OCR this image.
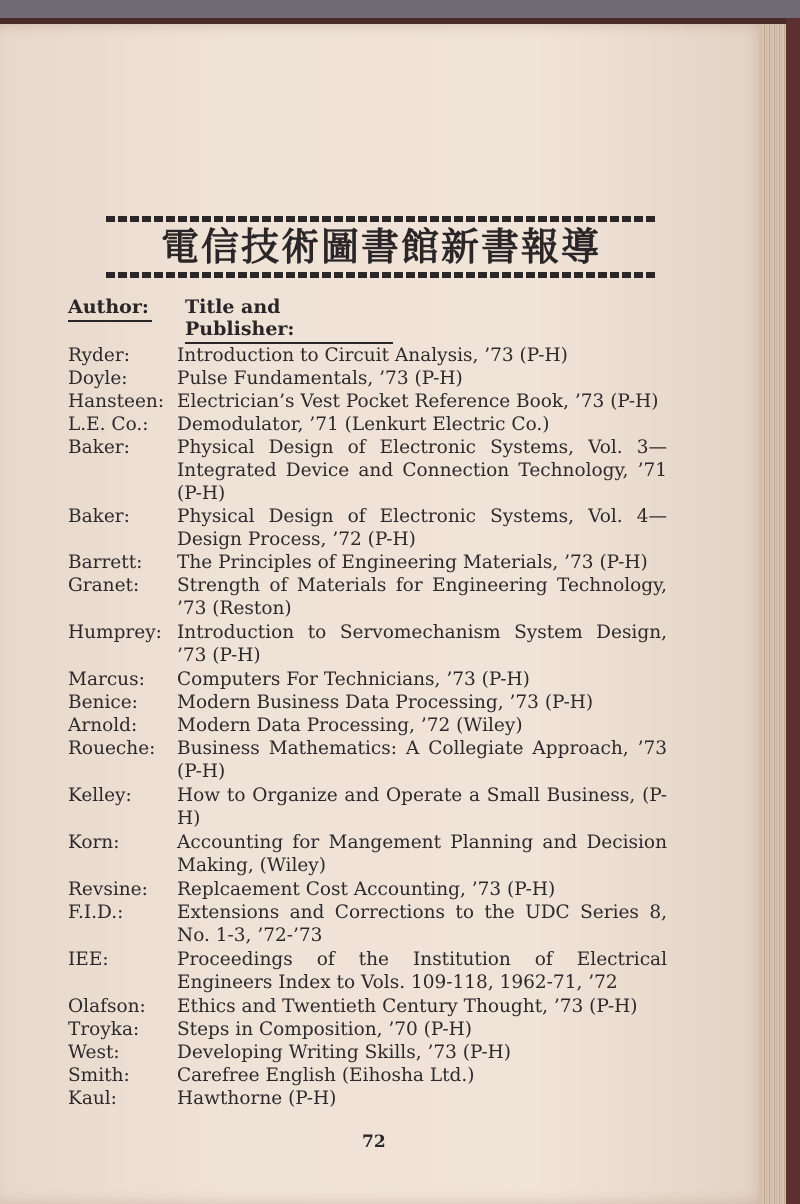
電信技術圖書館新書報導
Author: Title and Publisher:
Ryder:	Introduction to Circuit Analysis, ’73 (P-H)
Doyle:	Pulse Fundamentals, ’73 (P-H)
Hansteen: Electrician’s Vest Pocket Reference Book, ’73 (P-H)
L.E. Co.: Demodulator, ’71 (Lenkurt Electric Co.)
Baker:	Physical Design of Electronic Systems, Vol. 3— Integrated Device and Connection Technology, ’71 (P-H)
Baker:	Physical Design of Electronic Systems, Vol. 4— Design Process, ’72 (P-H)
Barrett: The Principles of Engineering Materials, ’73 (P-H)
Granet: Strength of Materials for Engineering Technology, ’73 (Reston)
Humprey: Introduction to Servomechanism System Design, ’73 (P-H)
Marcus: Computers For Technicians, ’73 (P-H)
Benice: Modern Business Data Processing, ’73 (P-H)
Arnold: Modern Data Processing, ’72 (Wiley)
Roueche: Business Mathematics: A Collegiate Approach, ’73 (P-H)
Kelley: How to Organize and Operate a Small Business, (P-H)
Korn:	Accounting for Mangement Planning and Decision Making, (Wiley)
Revsine: Replcaement Cost Accounting, ’73 (P-H)
F.I.D.:	Extensions and Corrections to the UDC Series 8, No. 1-3, ’72-’73
IEE:	Proceedings of the Institution of Electrical Engineers Index to Vols. 109-118, 1962-71, ’72
Olafson: Ethics and Twentieth Century Thought, ’73 (P-H)
Troyka: Steps in Composition, ’70 (P-H)
West:	Developing Writing Skills, ’73 (P-H)
Smith:	Carefree English (Eihosha Ltd.)
Kaul:	Hawthorne (P-H)
72
